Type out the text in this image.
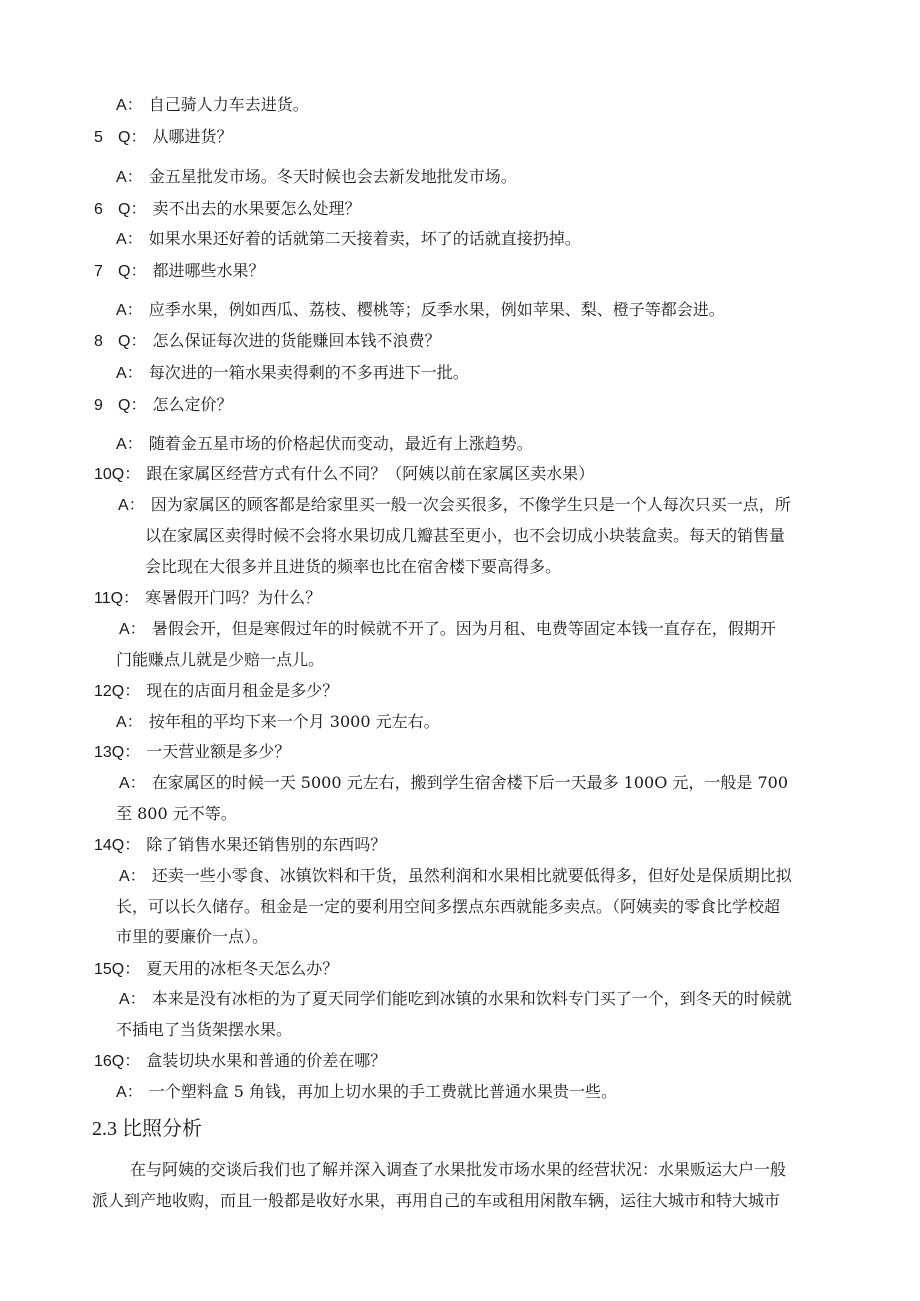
A： 自己骑人力车去进货。
5 Q： 从哪进货？
A： 金五星批发市场。冬天时候也会去新发地批发市场。
6 Q： 卖不出去的水果要怎么处理？
A： 如果水果还好着的话就第二天接着卖，坏了的话就直接扔掉。
7 Q： 都进哪些水果？
A： 应季水果，例如西瓜、荔枝、樱桃等；反季水果，例如苹果、梨、橙子等都会进。
8 Q： 怎么保证每次进的货能赚回本钱不浪费？
A： 每次进的一箱水果卖得剩的不多再进下一批。
9 Q： 怎么定价？
A： 随着金五星市场的价格起伏而变动，最近有上涨趋势。
10Q： 跟在家属区经营方式有什么不同？（阿姨以前在家属区卖水果）
A： 因为家属区的顾客都是给家里买一般一次会买很多，不像学生只是一个人每次只买一点，所
以在家属区卖得时候不会将水果切成几瓣甚至更小，也不会切成小块装盒卖。每天的销售量
会比现在大很多并且进货的频率也比在宿舍楼下要高得多。
11Q： 寒暑假开门吗？为什么？
A： 暑假会开，但是寒假过年的时候就不开了。因为月租、电费等固定本钱一直存在，假期开
门能赚点儿就是少赔一点儿。
12Q： 现在的店面月租金是多少？
A： 按年租的平均下来一个月 3000 元左右。
13Q： 一天营业额是多少？
A： 在家属区的时候一天 5000 元左右，搬到学生宿舍楼下后一天最多 100O 元，一般是 700
至 800 元不等。
14Q： 除了销售水果还销售别的东西吗？
A： 还卖一些小零食、冰镇饮料和干货，虽然利润和水果相比就要低得多，但好处是保质期比拟
长，可以长久储存。租金是一定的要利用空间多摆点东西就能多卖点。（阿姨卖的零食比学校超
市里的要廉价一点）。
15Q： 夏天用的冰柜冬天怎么办？
A： 本来是没有冰柜的为了夏天同学们能吃到冰镇的水果和饮料专门买了一个，到冬天的时候就
不插电了当货架摆水果。
16Q： 盒装切块水果和普通的价差在哪？
A： 一个塑料盒 5 角钱，再加上切水果的手工费就比普通水果贵一些。
2.3 比照分析
在与阿姨的交谈后我们也了解并深入调查了水果批发市场水果的经营状况：水果贩运大户一般
派人到产地收购，而且一般都是收好水果，再用自己的车或租用闲散车辆，运往大城市和特大城市
